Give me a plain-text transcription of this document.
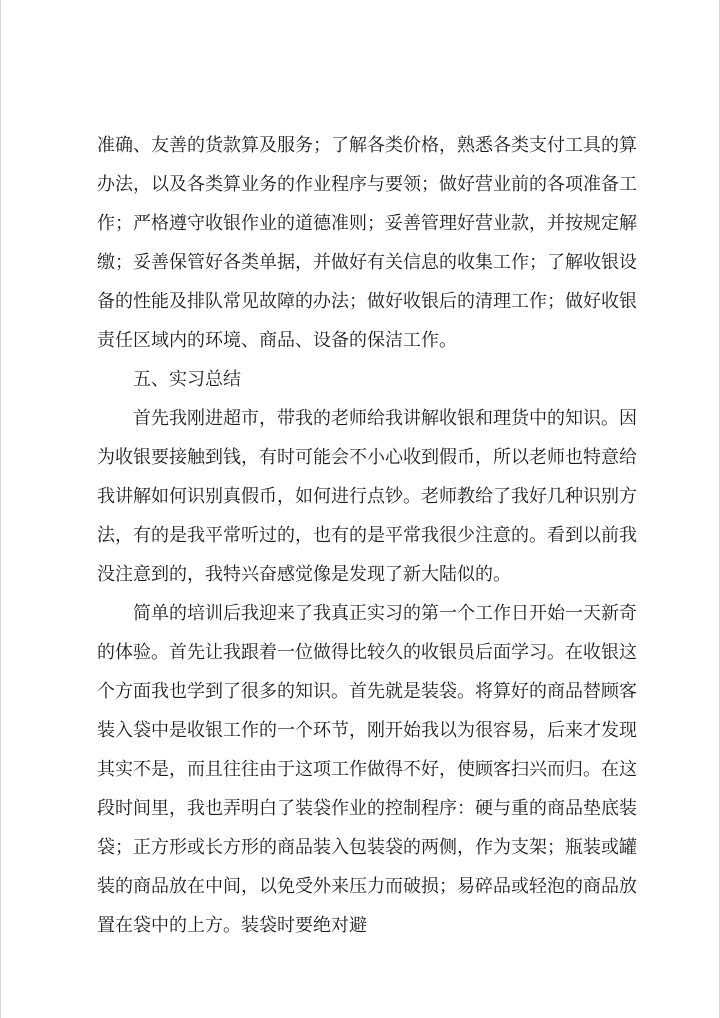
准确、友善的货款算及服务；了解各类价格，熟悉各类支付工具的算办法，以及各类算业务的作业程序与要领；做好营业前的各项准备工作；严格遵守收银作业的道德准则；妥善管理好营业款，并按规定解缴；妥善保管好各类单据，并做好有关信息的收集工作；了解收银设备的性能及排队常见故障的办法；做好收银后的清理工作；做好收银责任区域内的环境、商品、设备的保洁工作。

五、实习总结

首先我刚进超市，带我的老师给我讲解收银和理货中的知识。因为收银要接触到钱，有时可能会不小心收到假币，所以老师也特意给我讲解如何识别真假币，如何进行点钞。老师教给了我好几种识别方法，有的是我平常听过的，也有的是平常我很少注意的。看到以前我没注意到的，我特兴奋感觉像是发现了新大陆似的。

简单的培训后我迎来了我真正实习的第一个工作日开始一天新奇的体验。首先让我跟着一位做得比较久的收银员后面学习。在收银这个方面我也学到了很多的知识。首先就是装袋。将算好的商品替顾客装入袋中是收银工作的一个环节，刚开始我以为很容易，后来才发现其实不是，而且往往由于这项工作做得不好，使顾客扫兴而归。在这段时间里，我也弄明白了装袋作业的控制程序：硬与重的商品垫底装袋；正方形或长方形的商品装入包装袋的两侧，作为支架；瓶装或罐装的商品放在中间，以免受外来压力而破损；易碎品或轻泡的商品放置在袋中的上方。装袋时要绝对避
